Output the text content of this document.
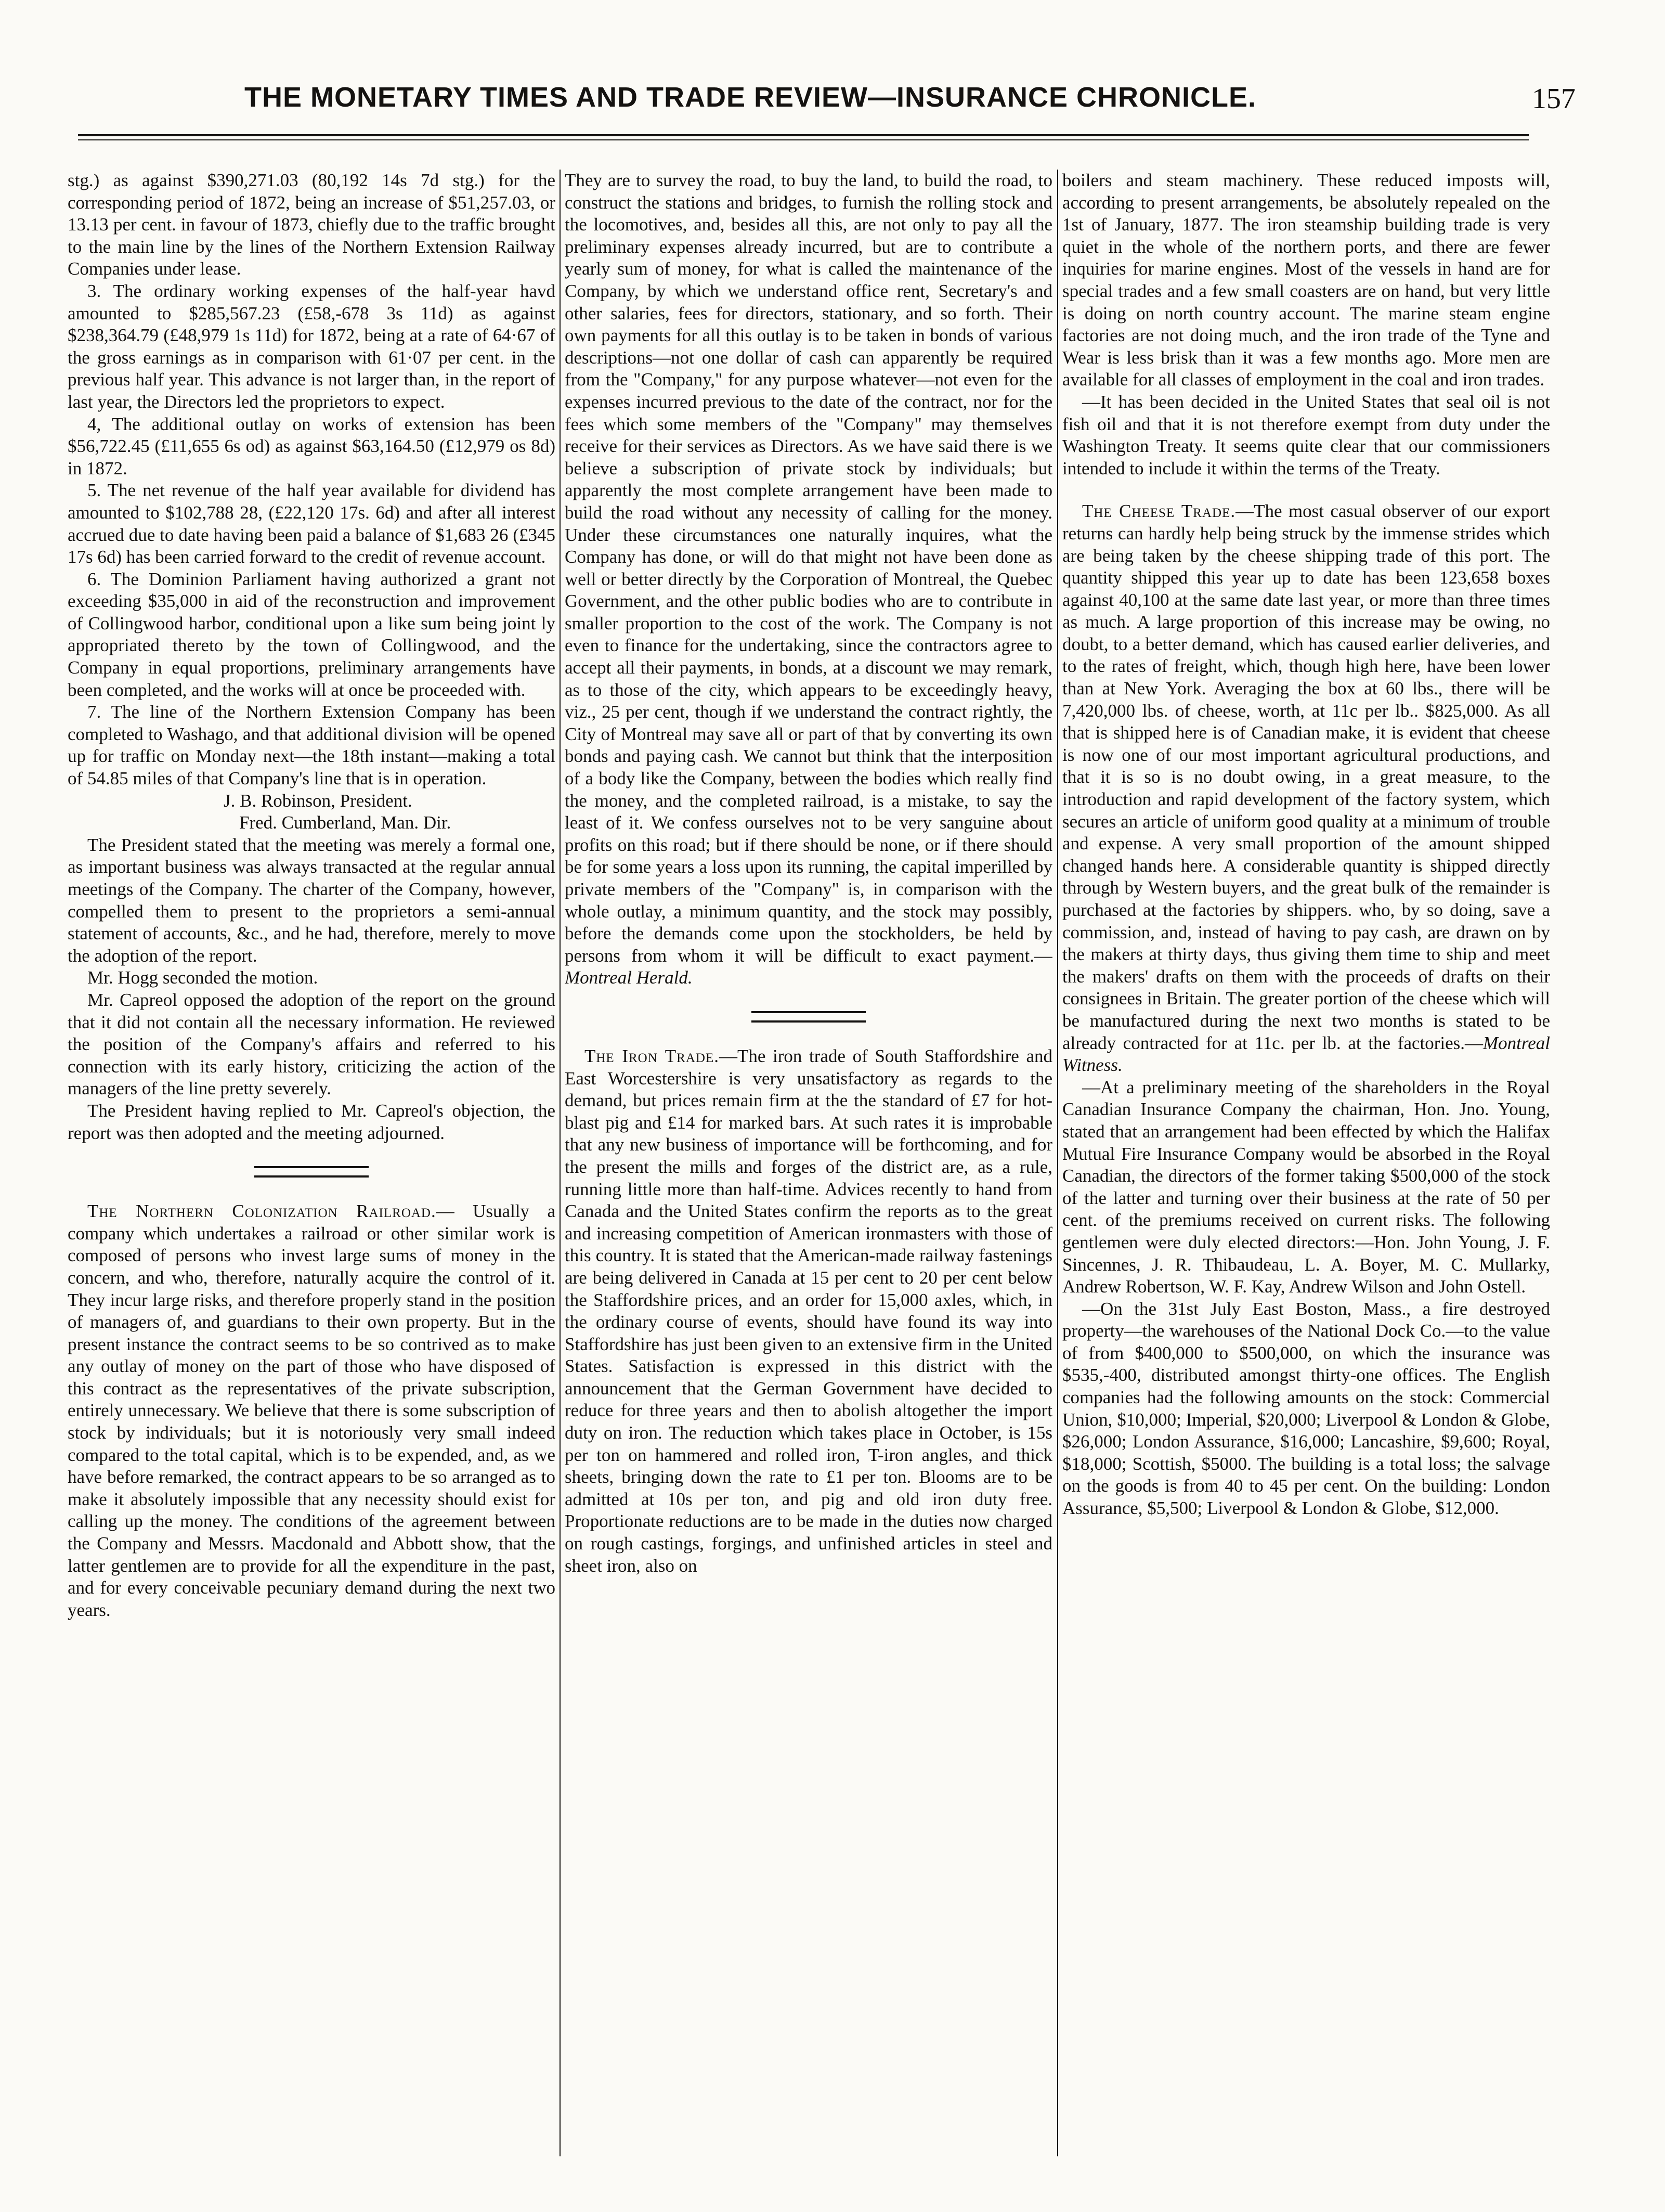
THE MONETARY TIMES AND TRADE REVIEW—INSURANCE CHRONICLE.	157

stg.) as against $390,271.03 (80,192 14s 7d stg.) for the corresponding period of 1872, being an increase of $51,257.03, or 13.13 per cent. in favour of 1873, chiefly due to the traffic brought to the main line by the lines of the Northern Extension Railway Companies under lease.

3. The ordinary working expenses of the half-year havd amounted to $285,567.23 (£58,-678 3s 11d) as against $238,364.79 (£48,979 1s 11d) for 1872, being at a rate of 64·67 of the gross earnings as in comparison with 61·07 per cent. in the previous half year. This advance is not larger than, in the report of last year, the Directors led the proprietors to expect.

4, The additional outlay on works of extension has been $56,722.45 (£11,655 6s od) as against $63,164.50 (£12,979 os 8d) in 1872.

5. The net revenue of the half year available for dividend has amounted to $102,788 28, (£22,120 17s. 6d) and after all interest accrued due to date having been paid a balance of $1,683 26 (£345 17s 6d) has been carried forward to the credit of revenue account.

6. The Dominion Parliament having authorized a grant not exceeding $35,000 in aid of the reconstruction and improvement of Collingwood harbor, conditional upon a like sum being joint ly appropriated thereto by the town of Collingwood, and the Company in equal proportions, preliminary arrangements have been completed, and the works will at once be proceeded with.

7. The line of the Northern Extension Company has been completed to Washago, and that additional division will be opened up for traffic on Monday next—the 18th instant—making a total of 54.85 miles of that Company's line that is in operation.

J. B. Robinson, President.

Fred. Cumberland, Man. Dir.

The President stated that the meeting was merely a formal one, as important business was always transacted at the regular annual meetings of the Company. The charter of the Company, however, compelled them to present to the proprietors a semi-annual statement of accounts, &c., and he had, therefore, merely to move the adoption of the report.

Mr. Hogg seconded the motion.

Mr. Capreol opposed the adoption of the report on the ground that it did not contain all the necessary information. He reviewed the position of the Company's affairs and referred to his connection with its early history, criticizing the action of the managers of the line pretty severely.

The President having replied to Mr. Capreol's objection, the report was then adopted and the meeting adjourned.

The Northern Colonization Railroad.— Usually a company which undertakes a railroad or other similar work is composed of persons who invest large sums of money in the concern, and who, therefore, naturally acquire the control of it. They incur large risks, and therefore properly stand in the position of managers of, and guardians to their own property. But in the present instance the contract seems to be so contrived as to make any outlay of money on the part of those who have disposed of this contract as the representatives of the private subscription, entirely unnecessary. We believe that there is some subscription of stock by individuals; but it is notoriously very small indeed compared to the total capital, which is to be expended, and, as we have before remarked, the contract appears to be so arranged as to make it absolutely impossible that any necessity should exist for calling up the money. The conditions of the agreement between the Company and Messrs. Macdonald and Abbott show, that the latter gentlemen are to provide for all the expenditure in the past, and for every conceivable pecuniary demand during the next two years.

They are to survey the road, to buy the land, to build the road, to construct the stations and bridges, to furnish the rolling stock and the locomotives, and, besides all this, are not only to pay all the preliminary expenses already incurred, but are to contribute a yearly sum of money, for what is called the maintenance of the Company, by which we understand office rent, Secretary's and other salaries, fees for directors, stationary, and so forth. Their own payments for all this outlay is to be taken in bonds of various descriptions—not one dollar of cash can apparently be required from the "Company," for any purpose whatever—not even for the expenses incurred previous to the date of the contract, nor for the fees which some members of the "Company" may themselves receive for their services as Directors. As we have said there is we believe a subscription of private stock by individuals; but apparently the most complete arrangement have been made to build the road without any necessity of calling for the money. Under these circumstances one naturally inquires, what the Company has done, or will do that might not have been done as well or better directly by the Corporation of Montreal, the Quebec Government, and the other public bodies who are to contribute in smaller proportion to the cost of the work. The Company is not even to finance for the undertaking, since the contractors agree to accept all their payments, in bonds, at a discount we may remark, as to those of the city, which appears to be exceedingly heavy, viz., 25 per cent, though if we understand the contract rightly, the City of Montreal may save all or part of that by converting its own bonds and paying cash. We cannot but think that the interposition of a body like the Company, between the bodies which really find the money, and the completed railroad, is a mistake, to say the least of it. We confess ourselves not to be very sanguine about profits on this road; but if there should be none, or if there should be for some years a loss upon its running, the capital imperilled by private members of the "Company" is, in comparison with the whole outlay, a minimum quantity, and the stock may possibly, before the demands come upon the stockholders, be held by persons from whom it will be difficult to exact payment.—Montreal Herald.

The Iron Trade.—The iron trade of South Staffordshire and East Worcestershire is very unsatisfactory as regards to the demand, but prices remain firm at the the standard of £7 for hot-blast pig and £14 for marked bars. At such rates it is improbable that any new business of importance will be forthcoming, and for the present the mills and forges of the district are, as a rule, running little more than half-time. Advices recently to hand from Canada and the United States confirm the reports as to the great and increasing competition of American ironmasters with those of this country. It is stated that the American-made railway fastenings are being delivered in Canada at 15 per cent to 20 per cent below the Staffordshire prices, and an order for 15,000 axles, which, in the ordinary course of events, should have found its way into Staffordshire has just been given to an extensive firm in the United States. Satisfaction is expressed in this district with the announcement that the German Government have decided to reduce for three years and then to abolish altogether the import duty on iron. The reduction which takes place in October, is 15s per ton on hammered and rolled iron, T-iron angles, and thick sheets, bringing down the rate to £1 per ton. Blooms are to be admitted at 10s per ton, and pig and old iron duty free. Proportionate reductions are to be made in the duties now charged on rough castings, forgings, and unfinished articles in steel and sheet iron, also on

boilers and steam machinery. These reduced imposts will, according to present arrangements, be absolutely repealed on the 1st of January, 1877. The iron steamship building trade is very quiet in the whole of the northern ports, and there are fewer inquiries for marine engines. Most of the vessels in hand are for special trades and a few small coasters are on hand, but very little is doing on north country account. The marine steam engine factories are not doing much, and the iron trade of the Tyne and Wear is less brisk than it was a few months ago. More men are available for all classes of employment in the coal and iron trades.

—It has been decided in the United States that seal oil is not fish oil and that it is not therefore exempt from duty under the Washington Treaty. It seems quite clear that our commissioners intended to include it within the terms of the Treaty.

The Cheese Trade.—The most casual observer of our export returns can hardly help being struck by the immense strides which are being taken by the cheese shipping trade of this port. The quantity shipped this year up to date has been 123,658 boxes against 40,100 at the same date last year, or more than three times as much. A large proportion of this increase may be owing, no doubt, to a better demand, which has caused earlier deliveries, and to the rates of freight, which, though high here, have been lower than at New York. Averaging the box at 60 lbs., there will be 7,420,000 lbs. of cheese, worth, at 11c per lb.. $825,000. As all that is shipped here is of Canadian make, it is evident that cheese is now one of our most important agricultural productions, and that it is so is no doubt owing, in a great measure, to the introduction and rapid development of the factory system, which secures an article of uniform good quality at a minimum of trouble and expense. A very small proportion of the amount shipped changed hands here. A considerable quantity is shipped directly through by Western buyers, and the great bulk of the remainder is purchased at the factories by shippers. who, by so doing, save a commission, and, instead of having to pay cash, are drawn on by the makers at thirty days, thus giving them time to ship and meet the makers' drafts on them with the proceeds of drafts on their consignees in Britain. The greater portion of the cheese which will be manufactured during the next two months is stated to be already contracted for at 11c. per lb. at the factories.—Montreal Witness.

—At a preliminary meeting of the shareholders in the Royal Canadian Insurance Company the chairman, Hon. Jno. Young, stated that an arrangement had been effected by which the Halifax Mutual Fire Insurance Company would be absorbed in the Royal Canadian, the directors of the former taking $500,000 of the stock of the latter and turning over their business at the rate of 50 per cent. of the premiums received on current risks. The following gentlemen were duly elected directors:—Hon. John Young, J. F. Sincennes, J. R. Thibaudeau, L. A. Boyer, M. C. Mullarky, Andrew Robertson, W. F. Kay, Andrew Wilson and John Ostell.

—On the 31st July East Boston, Mass., a fire destroyed property—the warehouses of the National Dock Co.—to the value of from $400,000 to $500,000, on which the insurance was $535,-400, distributed amongst thirty-one offices. The English companies had the following amounts on the stock: Commercial Union, $10,000; Imperial, $20,000; Liverpool & London & Globe, $26,000; London Assurance, $16,000; Lancashire, $9,600; Royal, $18,000; Scottish, $5000. The building is a total loss; the salvage on the goods is from 40 to 45 per cent. On the building: London Assurance, $5,500; Liverpool & London & Globe, $12,000.
